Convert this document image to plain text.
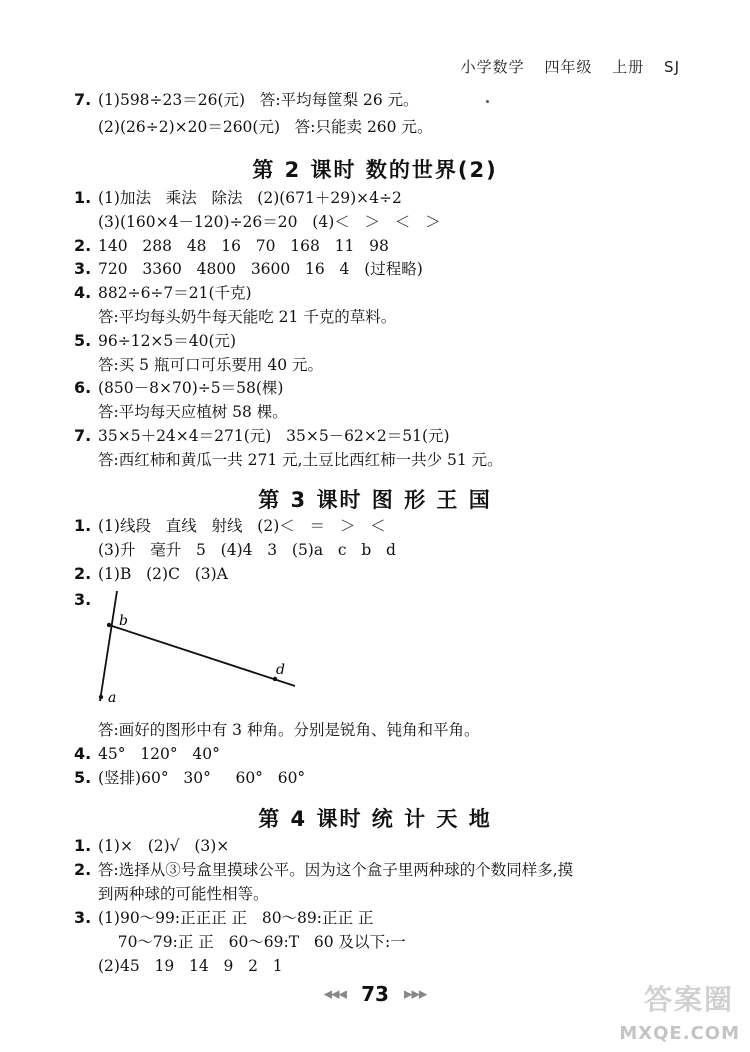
小学数学 四年级 上册 SJ
7. (1)598÷23＝26(元)   答:平均每筐梨 26 元。
(2)(26÷2)×20＝260(元)   答:只能卖 260 元。
第 2 课时 数的世界(2)
1. (1)加法   乘法   除法   (2)(671＋29)×4÷2
(3)(160×4－120)÷26＝20   (4)＜   ＞   ＜   ＞
2. 140   288   48   16   70   168   11   98
3. 720   3360   4800   3600   16   4   (过程略)
4. 882÷6÷7＝21(千克)
答:平均每头奶牛每天能吃 21 千克的草料。
5. 96÷12×5＝40(元)
答:买 5 瓶可口可乐要用 40 元。
6. (850－8×70)÷5＝58(棵)
答:平均每天应植树 58 棵。
7. 35×5＋24×4＝271(元)   35×5－62×2＝51(元)
答:西红柿和黄瓜一共 271 元,土豆比西红柿一共少 51 元。
第 3 课时 图 形 王 国
1. (1)线段   直线   射线   (2)＜   ＝   ＞   ＜
(3)升   毫升   5   (4)4   3   (5)a   c   b   d
2. (1)B   (2)C   (3)A
3.
b
d
a
答:画好的图形中有 3 种角。分别是锐角、钝角和平角。
4. 45°   120°   40°
5. (竖排)60°   30°     60°   60°
第 4 课时 统 计 天 地
1. (1)×   (2)√   (3)×
2. 答:选择从③号盒里摸球公平。因为这个盒子里两种球的个数同样多,摸
到两种球的可能性相等。
3. (1)90～99:正正正 正   80～89:正正 正
70～79:正 正   60～69:T   60 及以下:一
(2)45   19   14   9   2   1
◀◀◀ 73 ▶▶▶	答案圈
MXQE.COM
